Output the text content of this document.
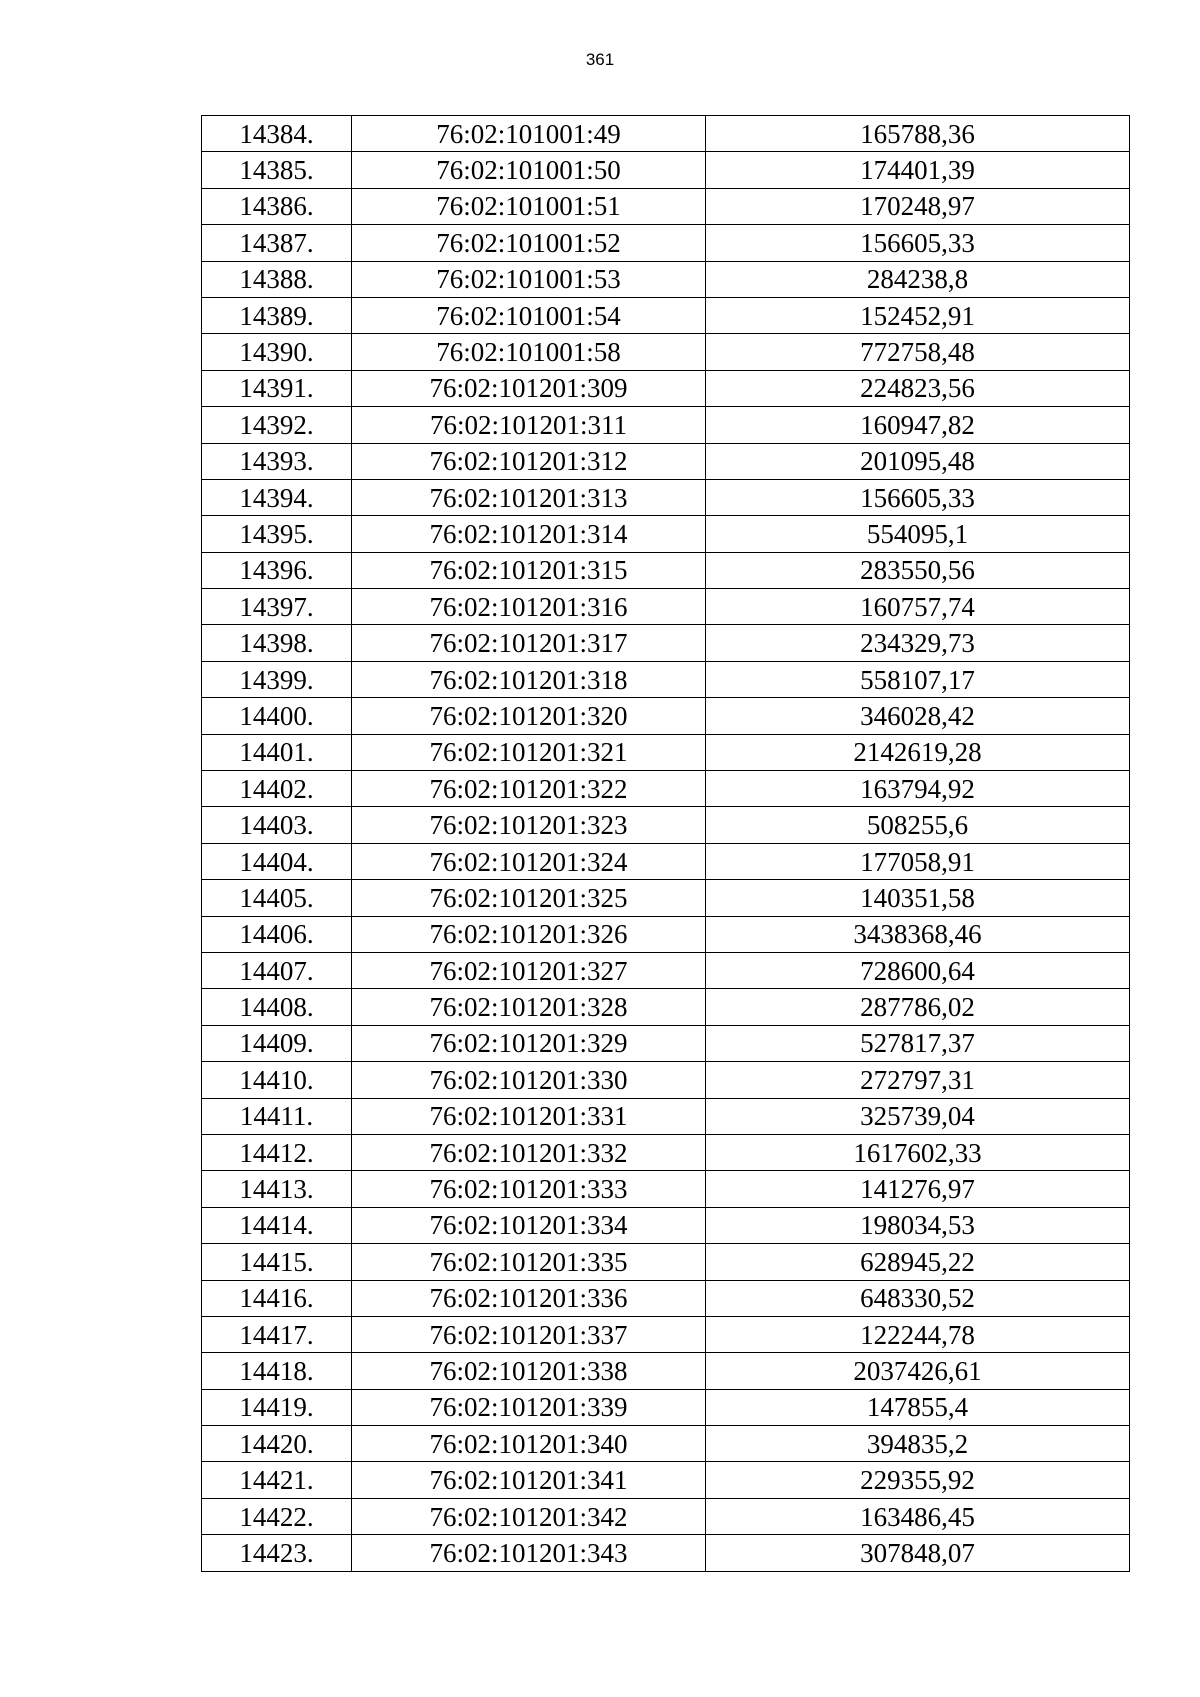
361
14384.	76:02:101001:49	165788,36
14385.	76:02:101001:50	174401,39
14386.	76:02:101001:51	170248,97
14387.	76:02:101001:52	156605,33
14388.	76:02:101001:53	284238,8
14389.	76:02:101001:54	152452,91
14390.	76:02:101001:58	772758,48
14391.	76:02:101201:309	224823,56
14392.	76:02:101201:311	160947,82
14393.	76:02:101201:312	201095,48
14394.	76:02:101201:313	156605,33
14395.	76:02:101201:314	554095,1
14396.	76:02:101201:315	283550,56
14397.	76:02:101201:316	160757,74
14398.	76:02:101201:317	234329,73
14399.	76:02:101201:318	558107,17
14400.	76:02:101201:320	346028,42
14401.	76:02:101201:321	2142619,28
14402.	76:02:101201:322	163794,92
14403.	76:02:101201:323	508255,6
14404.	76:02:101201:324	177058,91
14405.	76:02:101201:325	140351,58
14406.	76:02:101201:326	3438368,46
14407.	76:02:101201:327	728600,64
14408.	76:02:101201:328	287786,02
14409.	76:02:101201:329	527817,37
14410.	76:02:101201:330	272797,31
14411.	76:02:101201:331	325739,04
14412.	76:02:101201:332	1617602,33
14413.	76:02:101201:333	141276,97
14414.	76:02:101201:334	198034,53
14415.	76:02:101201:335	628945,22
14416.	76:02:101201:336	648330,52
14417.	76:02:101201:337	122244,78
14418.	76:02:101201:338	2037426,61
14419.	76:02:101201:339	147855,4
14420.	76:02:101201:340	394835,2
14421.	76:02:101201:341	229355,92
14422.	76:02:101201:342	163486,45
14423.	76:02:101201:343	307848,07
